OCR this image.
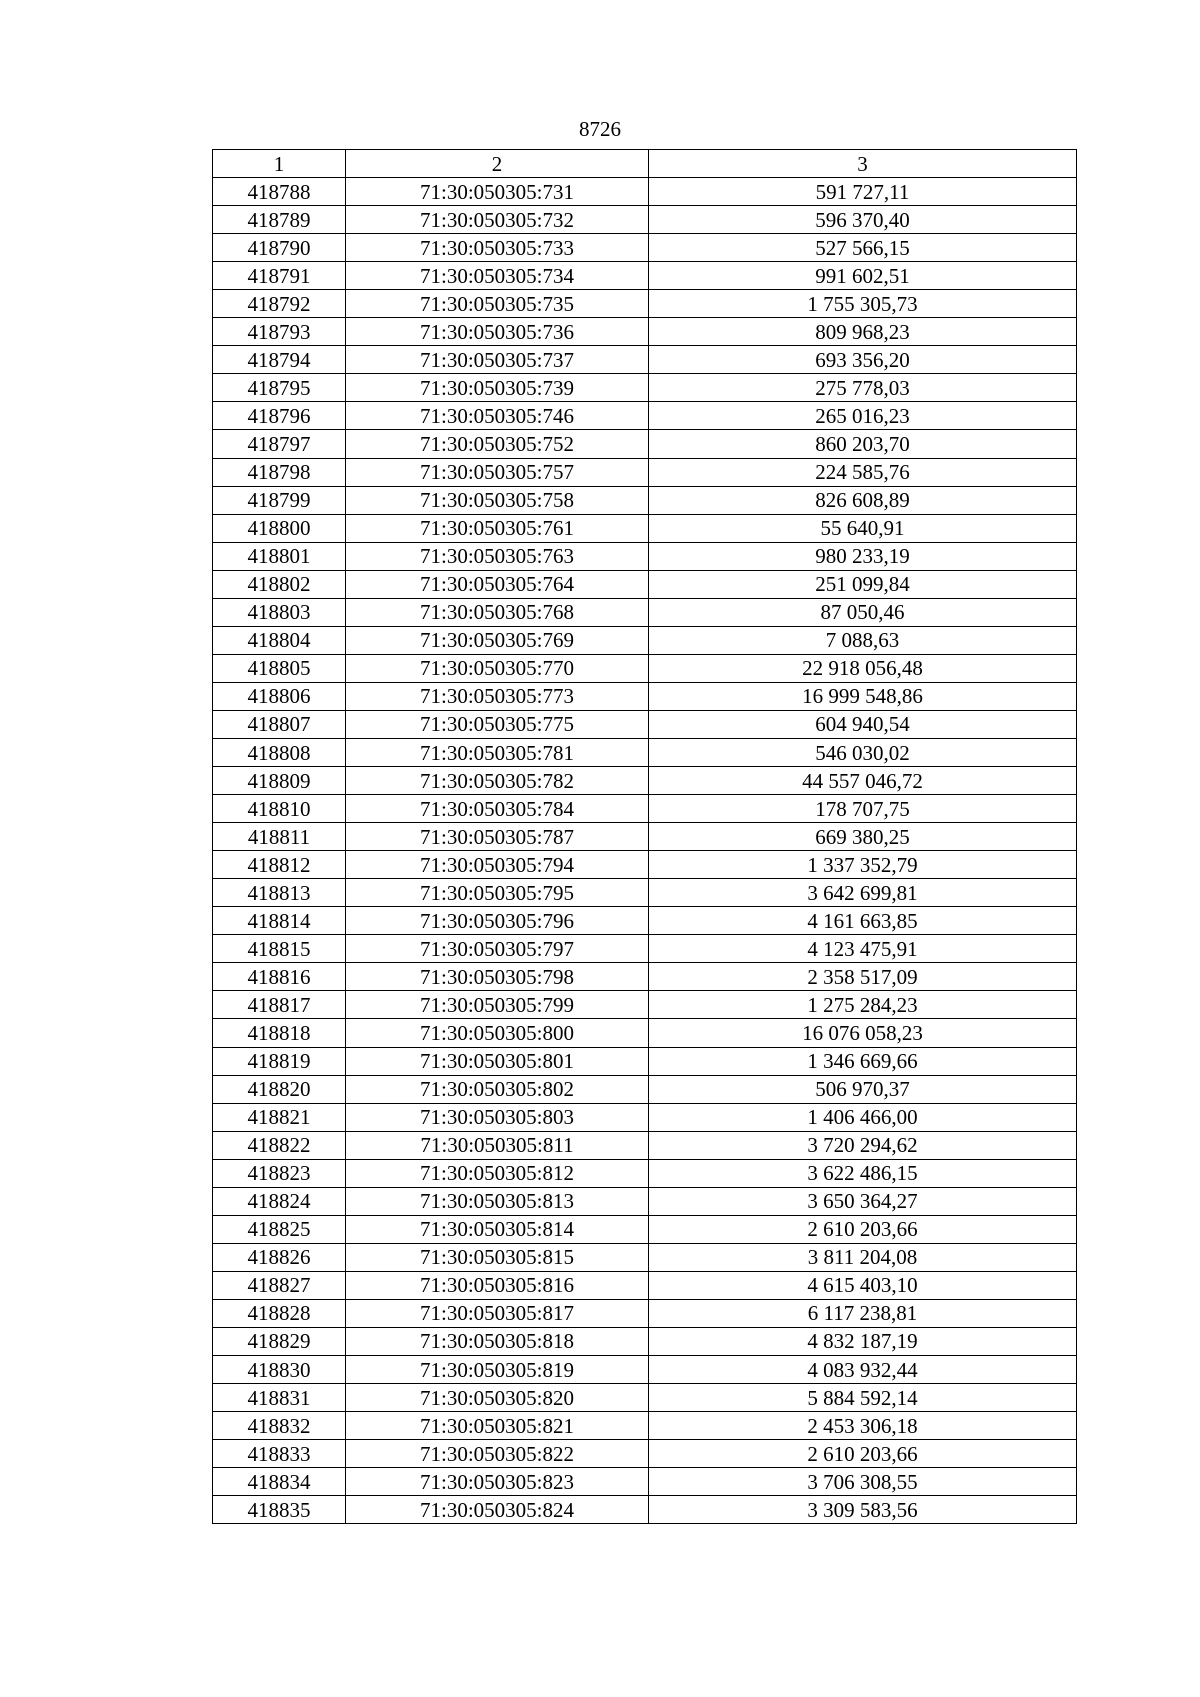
8726
1	2	3
418788	71:30:050305:731	591 727,11
418789	71:30:050305:732	596 370,40
418790	71:30:050305:733	527 566,15
418791	71:30:050305:734	991 602,51
418792	71:30:050305:735	1 755 305,73
418793	71:30:050305:736	809 968,23
418794	71:30:050305:737	693 356,20
418795	71:30:050305:739	275 778,03
418796	71:30:050305:746	265 016,23
418797	71:30:050305:752	860 203,70
418798	71:30:050305:757	224 585,76
418799	71:30:050305:758	826 608,89
418800	71:30:050305:761	55 640,91
418801	71:30:050305:763	980 233,19
418802	71:30:050305:764	251 099,84
418803	71:30:050305:768	87 050,46
418804	71:30:050305:769	7 088,63
418805	71:30:050305:770	22 918 056,48
418806	71:30:050305:773	16 999 548,86
418807	71:30:050305:775	604 940,54
418808	71:30:050305:781	546 030,02
418809	71:30:050305:782	44 557 046,72
418810	71:30:050305:784	178 707,75
418811	71:30:050305:787	669 380,25
418812	71:30:050305:794	1 337 352,79
418813	71:30:050305:795	3 642 699,81
418814	71:30:050305:796	4 161 663,85
418815	71:30:050305:797	4 123 475,91
418816	71:30:050305:798	2 358 517,09
418817	71:30:050305:799	1 275 284,23
418818	71:30:050305:800	16 076 058,23
418819	71:30:050305:801	1 346 669,66
418820	71:30:050305:802	506 970,37
418821	71:30:050305:803	1 406 466,00
418822	71:30:050305:811	3 720 294,62
418823	71:30:050305:812	3 622 486,15
418824	71:30:050305:813	3 650 364,27
418825	71:30:050305:814	2 610 203,66
418826	71:30:050305:815	3 811 204,08
418827	71:30:050305:816	4 615 403,10
418828	71:30:050305:817	6 117 238,81
418829	71:30:050305:818	4 832 187,19
418830	71:30:050305:819	4 083 932,44
418831	71:30:050305:820	5 884 592,14
418832	71:30:050305:821	2 453 306,18
418833	71:30:050305:822	2 610 203,66
418834	71:30:050305:823	3 706 308,55
418835	71:30:050305:824	3 309 583,56
